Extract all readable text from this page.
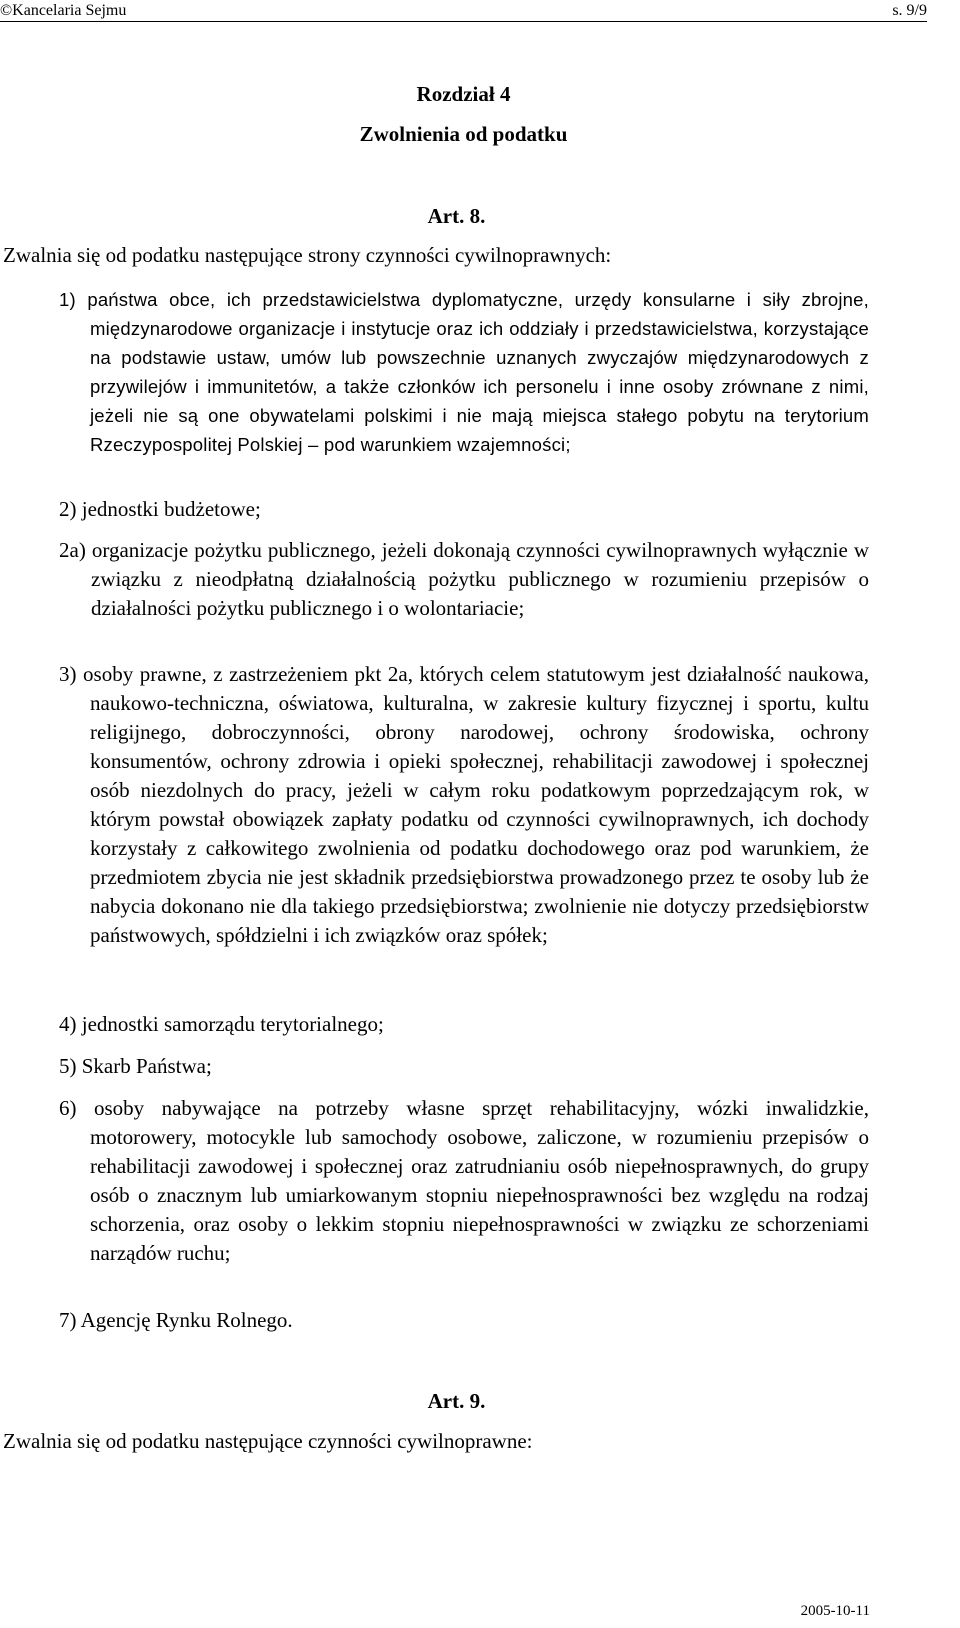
©Kancelaria Sejmu	s. 9/9
Rozdział 4
Zwolnienia od podatku
Art. 8.
Zwalnia się od podatku następujące strony czynności cywilnoprawnych:
1) państwa obce, ich przedstawicielstwa dyplomatyczne, urzędy konsularne i siły zbrojne, międzynarodowe organizacje i instytucje oraz ich oddziały i przedstawicielstwa, korzystające na podstawie ustaw, umów lub powszechnie uznanych zwyczajów międzynarodowych z przywilejów i immunitetów, a także członków ich personelu i inne osoby zrównane z nimi, jeżeli nie są one obywatelami polskimi i nie mają miejsca stałego pobytu na terytorium Rzeczypospolitej Polskiej – pod warunkiem wzajemności;
2) jednostki budżetowe;
2a) organizacje pożytku publicznego, jeżeli dokonają czynności cywilnoprawnych wyłącznie w związku z nieodpłatną działalnością pożytku publicznego w rozumieniu przepisów o działalności pożytku publicznego i o wolontariacie;
3) osoby prawne, z zastrzeżeniem pkt 2a, których celem statutowym jest działalność naukowa, naukowo-techniczna, oświatowa, kulturalna, w zakresie kultury fizycznej i sportu, kultu religijnego, dobroczynności, obrony narodowej, ochrony środowiska, ochrony konsumentów, ochrony zdrowia i opieki społecznej, rehabilitacji zawodowej i społecznej osób niezdolnych do pracy, jeżeli w całym roku podatkowym poprzedzającym rok, w którym powstał obowiązek zapłaty podatku od czynności cywilnoprawnych, ich dochody korzystały z całkowitego zwolnienia od podatku dochodowego oraz pod warunkiem, że przedmiotem zbycia nie jest składnik przedsiębiorstwa prowadzonego przez te osoby lub że nabycia dokonano nie dla takiego przedsiębiorstwa; zwolnienie nie dotyczy przedsiębiorstw państwowych, spółdzielni i ich związków oraz spółek;
4) jednostki samorządu terytorialnego;
5) Skarb Państwa;
6) osoby nabywające na potrzeby własne sprzęt rehabilitacyjny, wózki inwalidzkie, motorowery, motocykle lub samochody osobowe, zaliczone, w rozumieniu przepisów o rehabilitacji zawodowej i społecznej oraz zatrudnianiu osób niepełnosprawnych, do grupy osób o znacznym lub umiarkowanym stopniu niepełnosprawności bez względu na rodzaj schorzenia, oraz osoby o lekkim stopniu niepełnosprawności w związku ze schorzeniami narządów ruchu;
7) Agencję Rynku Rolnego.
Art. 9.
Zwalnia się od podatku następujące czynności cywilnoprawne:
2005-10-11
